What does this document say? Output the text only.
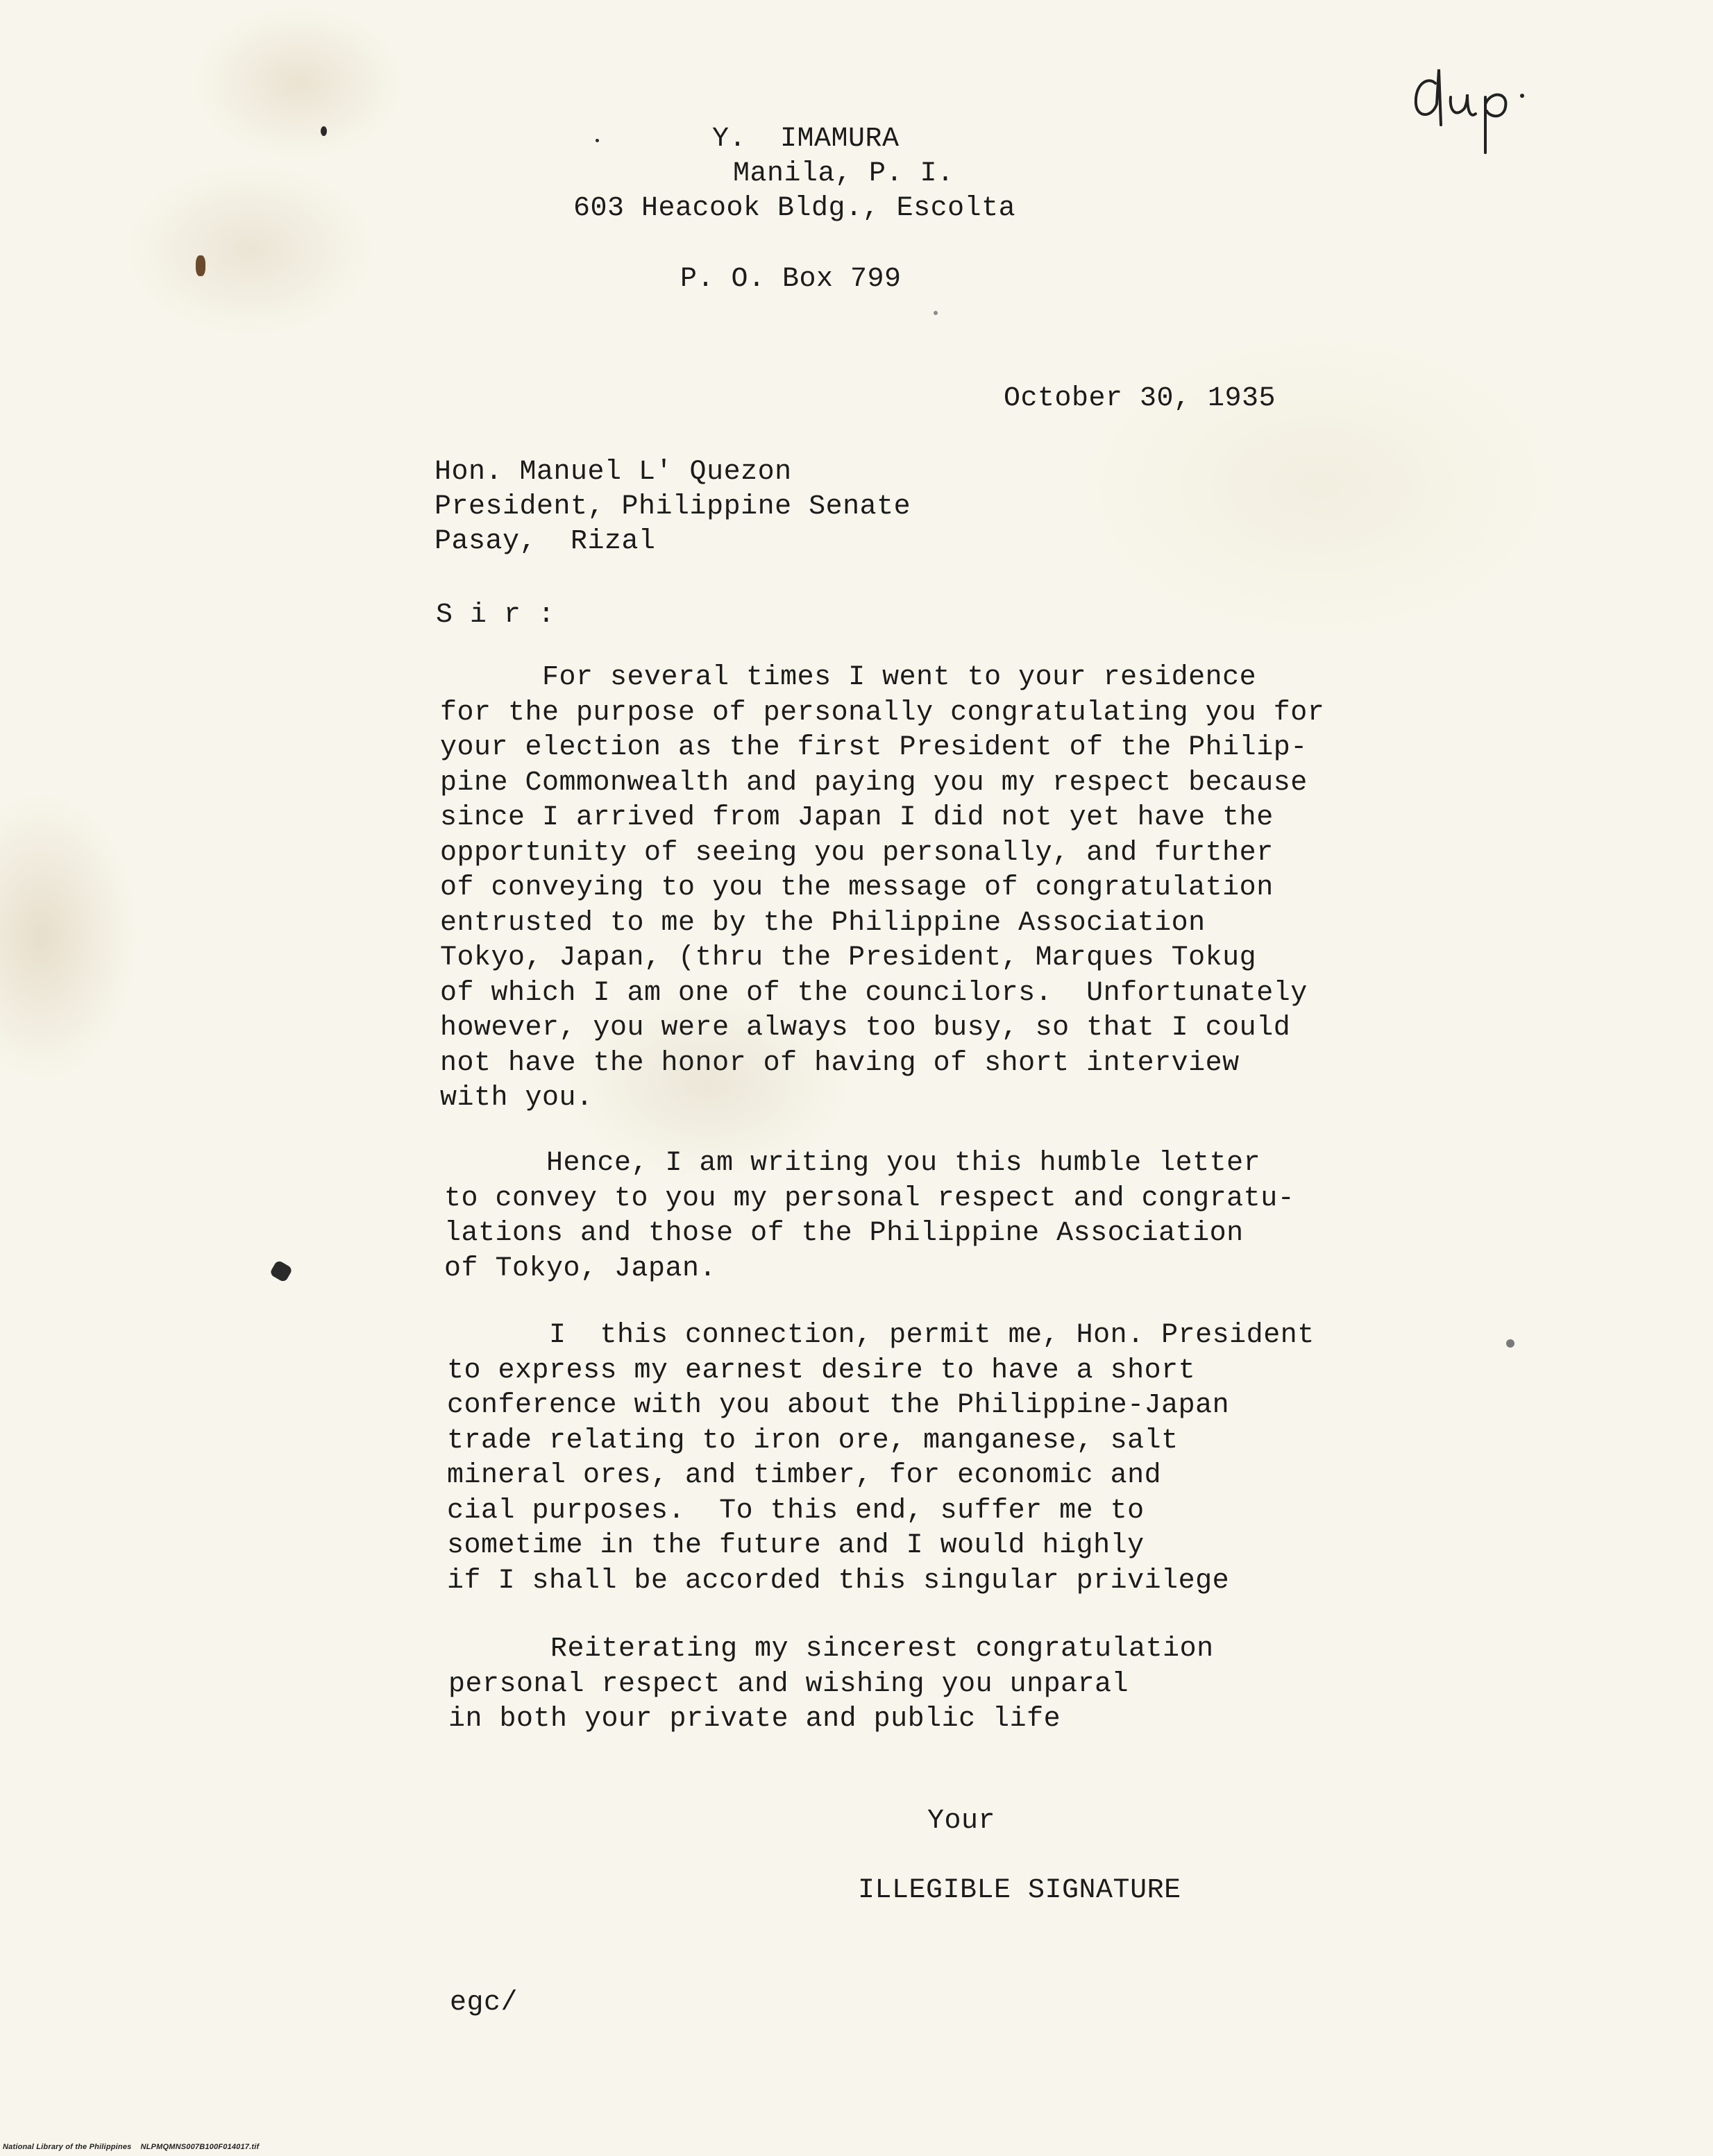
dup
Y.  IMAMURA
Manila, P. I.
603 Heacook Bldg., Escolta
P. O. Box 799
October 30, 1935
Hon. Manuel L' Quezon
President, Philippine Senate
Pasay,  Rizal
S i r :
For several times I went to your residence
for the purpose of personally congratulating you for
your election as the first President of the Philip-
pine Commonwealth and paying you my respect because
since I arrived from Japan I did not yet have the
opportunity of seeing you personally, and further
of conveying to you the message of congratulation
entrusted to me by the Philippine Association
Tokyo, Japan, (thru the President, Marques Tokug
of which I am one of the councilors.  Unfortunately
however, you were always too busy, so that I could
not have the honor of having of short interview
with you.
Hence, I am writing you this humble letter
to convey to you my personal respect and congratu-
lations and those of the Philippine Association
of Tokyo, Japan.
I  this connection, permit me, Hon. President
to express my earnest desire to have a short
conference with you about the Philippine-Japan
trade relating to iron ore, manganese, salt
mineral ores, and timber, for economic and
cial purposes.  To this end, suffer me to
sometime in the future and I would highly
if I shall be accorded this singular privilege
Reiterating my sincerest congratulation
personal respect and wishing you unparal
in both your private and public life
Your
ILLEGIBLE SIGNATURE
egc/
National Library of the Philippines    NLPMQMNS007B100F014017.tif
